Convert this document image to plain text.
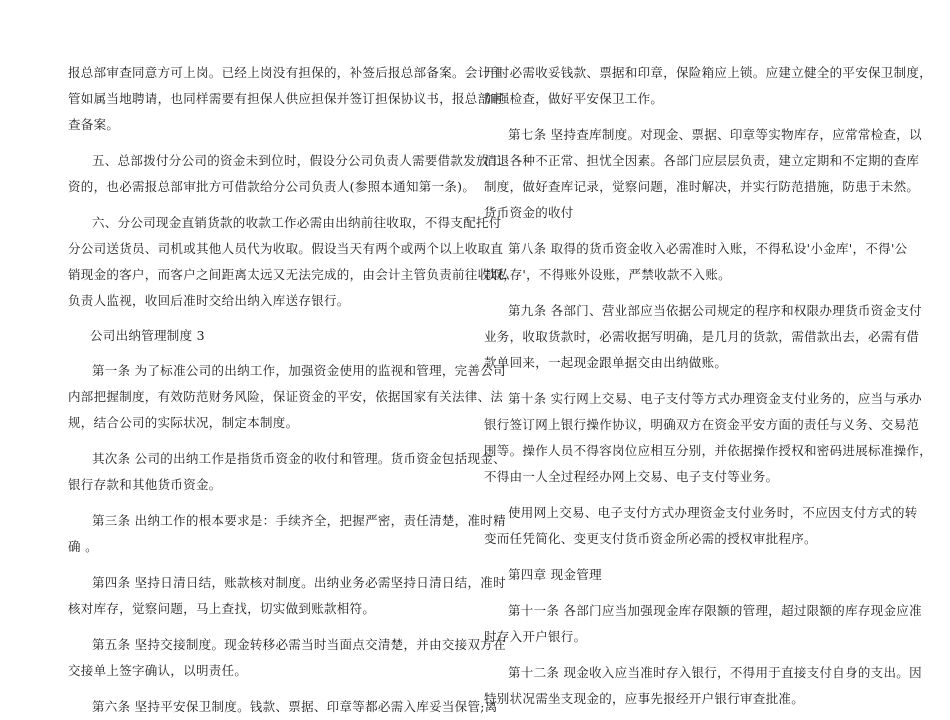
报总部审查同意方可上岗。已经上岗没有担保的，补签后报总部备案。会计主
管如属当地聘请，也同样需要有担保人供应担保并签订担保协议书，报总部审
查备案。
五、总部拨付分公司的资金未到位时，假设分公司负责人需要借款发放工
资的，也必需报总部审批方可借款给分公司负责人(参照本通知第一条)。
六、分公司现金直销货款的收款工作必需由出纳前往收取，不得支配托付
分公司送货员、司机或其他人员代为收取。假设当天有两个或两个以上收取直
销现金的客户，而客户之间距离太远又无法完成的，由会计主管负责前往收取，
负责人监视，收回后准时交给出纳入库送存银行。
公司出纳管理制度 3
第一条 为了标准公司的出纳工作，加强资金使用的监视和管理，完善公司
内部把握制度，有效防范财务风险，保证资金的平安，依据国家有关法律、法
规，结合公司的实际状况，制定本制度。
其次条 公司的出纳工作是指货币资金的收付和管理。货币资金包括现金、
银行存款和其他货币资金。
第三条 出纳工作的根本要求是：手续齐全，把握严密，责任清楚，准时精
确 。
第四条 坚持日清日结，账款核对制度。出纳业务必需坚持日清日结，准时
核对库存，觉察问题，马上查找，切实做到账款相符。
第五条 坚持交接制度。现金转移必需当时当面点交清楚，并由交接双方在
交接单上签字确认，以明责任。
第六条 坚持平安保卫制度。钱款、票据、印章等都必需入库妥当保管;离
开时必需收妥钱款、票据和印章，保险箱应上锁。应建立健全的平安保卫制度，
加强检查，做好平安保卫工作。
第七条 坚持查库制度。对现金、票据、印章等实物库存，应常常检查，以
消退各种不正常、担忧全因素。各部门应层层负责，建立定期和不定期的查库
制度，做好查库记录，觉察问题，准时解决，并实行防范措施，防患于未然。
货币资金的收付
第八条 取得的货币资金收入必需准时入账，不得私设'小金库'，不得'公
款私存'，不得账外设账，严禁收款不入账。
第九条 各部门、营业部应当依据公司规定的程序和权限办理货币资金支付
业务，收取货款时，必需收据写明确，是几月的货款，需借款出去，必需有借
款单回来，一起现金跟单据交由出纳做账。
第十条 实行网上交易、电子支付等方式办理资金支付业务的，应当与承办
银行签订网上银行操作协议，明确双方在资金平安方面的责任与义务、交易范
围等。操作人员不得容岗位应相互分别，并依据操作授权和密码进展标准操作，
不得由一人全过程经办网上交易、电子支付等业务。
使用网上交易、电子支付方式办理资金支付业务时，不应因支付方式的转
变而任凭简化、变更支付货币资金所必需的授权审批程序。
第四章 现金管理
第十一条 各部门应当加强现金库存限额的管理，超过限额的库存现金应准
时存入开户银行。
第十二条 现金收入应当准时存入银行，不得用于直接支付自身的支出。因
特别状况需坐支现金的，应事先报经开户银行审查批准。
